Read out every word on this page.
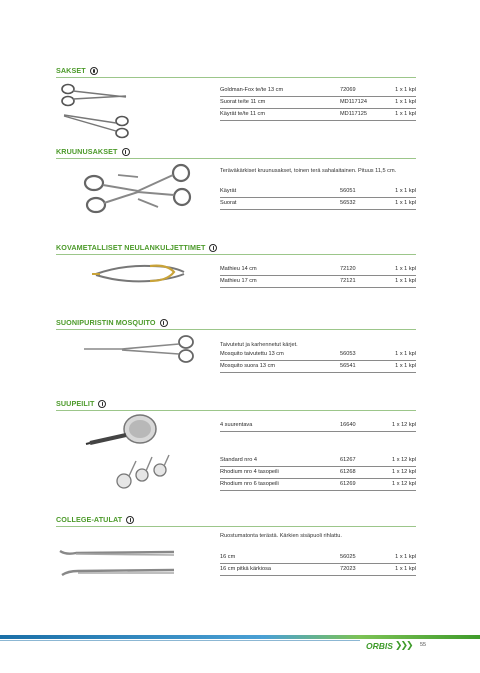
SAKSET
Goldman-Fox te/te 13 cm	72069	1 x 1 kpl
Suorat te/te 11 cm	MD117124	1 x 1 kpl
Käyrät te/te 11 cm	MD117125	1 x 1 kpl
KRUUNUSAKSET
Teräväkärkiset kruunusakset, toinen terä sahalaitainen. Pituus 11,5 cm.
Käyrät	56051	1 x 1 kpl
Suorat	56532	1 x 1 kpl
KOVAMETALLISET NEULANKULJETTIMET
Mathieu 14 cm	72120	1 x 1 kpl
Mathieu 17 cm	72121	1 x 1 kpl
SUONIPURISTIN MOSQUITO
Taivutetut ja karhennetut kärjet.
Mosquito taivutettu 13 cm	56053	1 x 1 kpl
Mosquito suora 13 cm	56541	1 x 1 kpl
SUUPEILIT
4 suurentava	16640	1 x 12 kpl
Standard nro 4	61267	1 x 12 kpl
Rhodium nro 4 tasopeili	61268	1 x 12 kpl
Rhodium nro 6 tasopeili	61269	1 x 12 kpl
COLLEGE-ATULAT
Ruostumatonta terästä. Kärkien sisäpuoli rihlattu.
16 cm	56025	1 x 1 kpl
16 cm pitkä kärkiosa	72023	1 x 1 kpl
ORBIS ❯❯❯ 55
